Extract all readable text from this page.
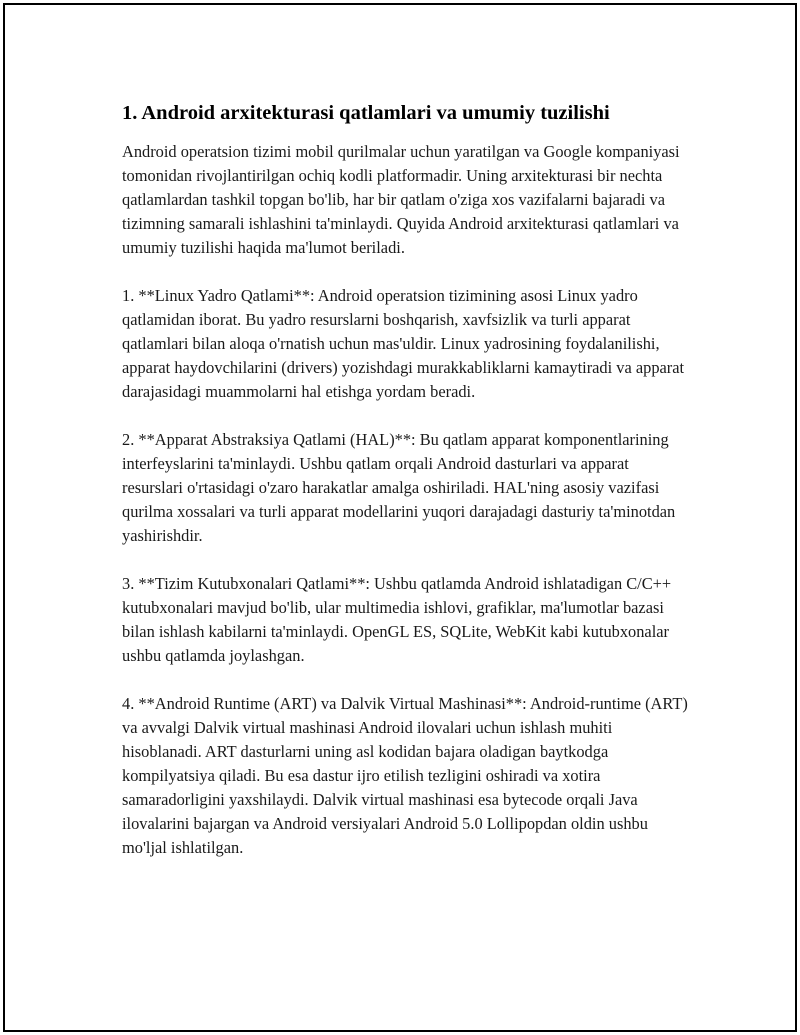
1. Android arxitekturasi qatlamlari va umumiy tuzilishi

Android operatsion tizimi mobil qurilmalar uchun yaratilgan va Google kompaniyasi tomonidan rivojlantirilgan ochiq kodli platformadir. Uning arxitekturasi bir nechta qatlamlardan tashkil topgan bo'lib, har bir qatlam o'ziga xos vazifalarni bajaradi va tizimning samarali ishlashini ta'minlaydi. Quyida Android arxitekturasi qatlamlari va umumiy tuzilishi haqida ma'lumot beriladi.

1. **Linux Yadro Qatlami**: Android operatsion tizimining asosi Linux yadro qatlamidan iborat. Bu yadro resurslarni boshqarish, xavfsizlik va turli apparat qatlamlari bilan aloqa o'rnatish uchun mas'uldir. Linux yadrosining foydalanilishi, apparat haydovchilarini (drivers) yozishdagi murakkabliklarni kamaytiradi va apparat darajasidagi muammolarni hal etishga yordam beradi.

2. **Apparat Abstraksiya Qatlami (HAL)**: Bu qatlam apparat komponentlarining interfeyslarini ta'minlaydi. Ushbu qatlam orqali Android dasturlari va apparat resurslari o'rtasidagi o'zaro harakatlar amalga oshiriladi. HAL'ning asosiy vazifasi qurilma xossalari va turli apparat modellarini yuqori darajadagi dasturiy ta'minotdan yashirishdir.

3. **Tizim Kutubxonalari Qatlami**: Ushbu qatlamda Android ishlatadigan C/C++ kutubxonalari mavjud bo'lib, ular multimedia ishlovi, grafiklar, ma'lumotlar bazasi bilan ishlash kabilarni ta'minlaydi. OpenGL ES, SQLite, WebKit kabi kutubxonalar ushbu qatlamda joylashgan.

4. **Android Runtime (ART) va Dalvik Virtual Mashinasi**: Android-runtime (ART) va avvalgi Dalvik virtual mashinasi Android ilovalari uchun ishlash muhiti hisoblanadi. ART dasturlarni uning asl kodidan bajara oladigan baytkodga kompilyatsiya qiladi. Bu esa dastur ijro etilish tezligini oshiradi va xotira samaradorligini yaxshilaydi. Dalvik virtual mashinasi esa bytecode orqali Java ilovalarini bajargan va Android versiyalari Android 5.0 Lollipopdan oldin ushbu mo'ljal ishlatilgan.
